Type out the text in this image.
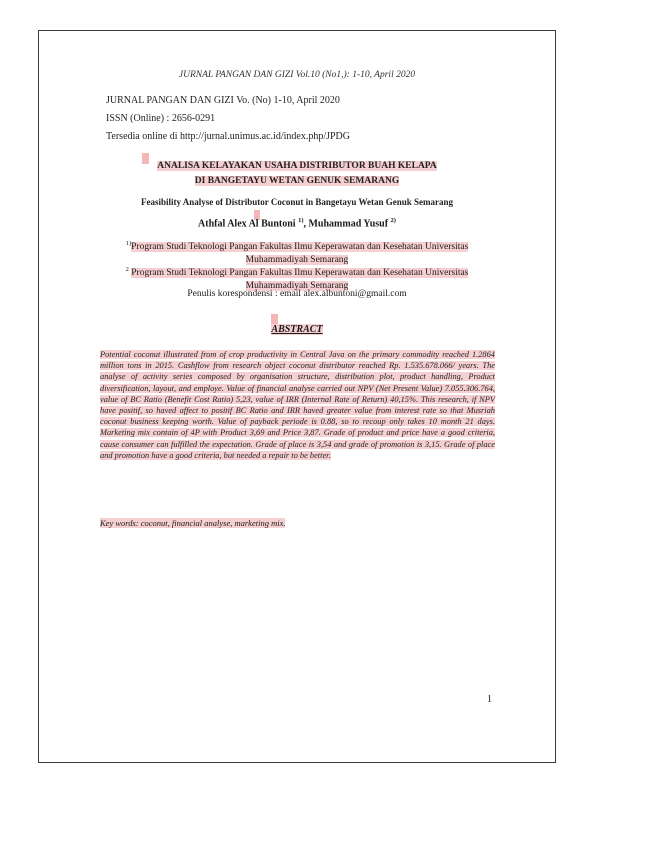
JURNAL PANGAN DAN GIZI Vol.10 (No1,): 1-10, April 2020
JURNAL PANGAN DAN GIZI Vo. (No) 1-10, April 2020
ISSN (Online) : 2656-0291
Tersedia online di http://jurnal.unimus.ac.id/index.php/JPDG
ANALISA KELAYAKAN USAHA DISTRIBUTOR BUAH KELAPA
DI BANGETAYU WETAN GENUK SEMARANG
Feasibility Analyse of Distributor Coconut in Bangetayu Wetan Genuk Semarang
Athfal Alex Al Buntoni $^{1)}$, Muhammad Yusuf $^{2)}$
$^{1)}$Program Studi Teknologi Pangan Fakultas Ilmu Keperawatan dan Kesehatan Universitas
Muhammadiyah Semarang
$^2$ Program Studi Teknologi Pangan Fakultas Ilmu Keperawatan dan Kesehatan Universitas
Muhammadiyah Semarang
Penulis korespondensi : email alex.albuntoni@gmail.com
ABSTRACT
Potential coconut illustrated from of crop productivity in Central Java on the primary commodity reached 1.2864 million tons in 2015. Cashflow from research object coconut distributor reached Rp. 1.535.678.066/ years. The analyse of activity series composed by organisation structure, distribution plot, product handling, Product diversification, layout, and employe. Value of financial analyse carried out NPV (Net Present Value) 7.055.306.764, value of BC Ratio (Benefit Cost Ratio) 5,23, value of IRR (Internal Rate of Return) 40,15%. This research, if NPV have positif, so haved affect to positif BC Ratio and IRR haved greater value from interest rate so that Musriah coconut business keeping worth. Value of payback periode is 0.88, so to recoup only takes 10 month 21 days. Marketing mix contain of 4P with Product 3,69 and Price 3,87. Grade of product and price have a good criteria, cause consumer can fulfilled the expectation. Grade of place is 3,54 and grade of promotion is 3,15. Grade of place and promotion have a good criteria, but needed a repair to be better.
Key words: coconut, financial analyse, marketing mix.
1
